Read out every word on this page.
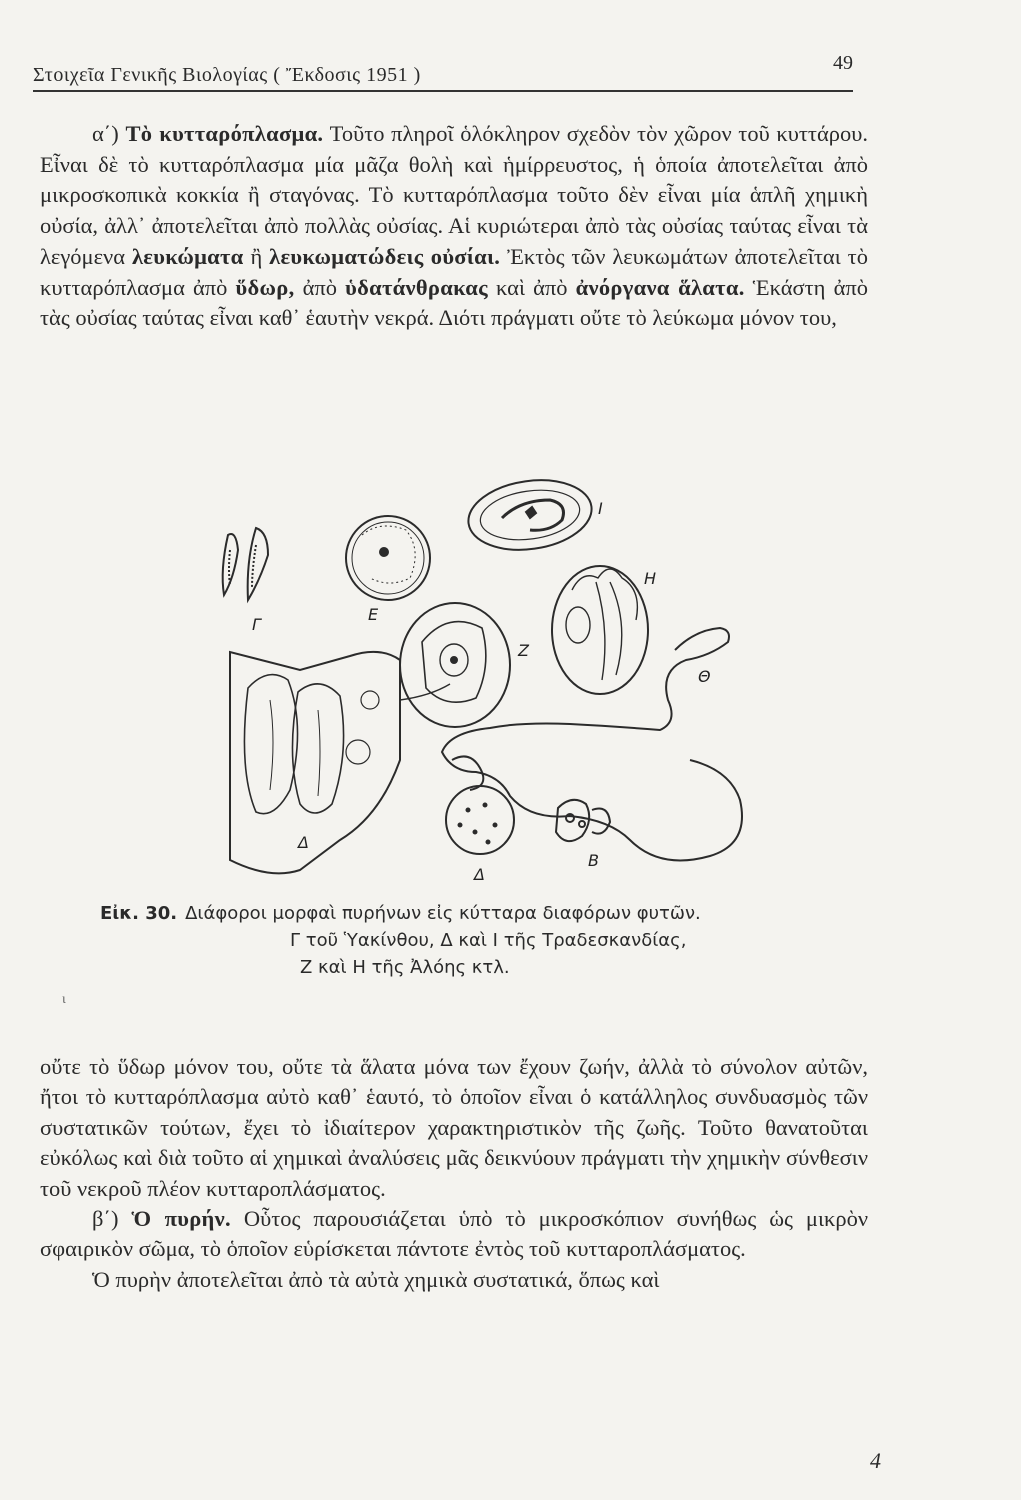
Στοιχεῖα Γενικῆς Βιολογίας ( Ἔκδοσις 1951 )
49

α΄) Τὸ κυτταρόπλασμα. Τοῦτο πληροῖ ὁλόκληρον σχεδὸν τὸν χῶρον τοῦ κυττάρου. Εἶναι δὲ τὸ κυτταρόπλασμα μία μᾶζα θολὴ καὶ ἡμίρρευστος, ἡ ὁποία ἀποτελεῖται ἀπὸ μικροσκοπικὰ κοκκία ἢ σταγόνας. Τὸ κυτταρόπλασμα τοῦτο δὲν εἶναι μία ἁπλῆ χημικὴ οὐσία, ἀλλ᾽ ἀποτελεῖται ἀπὸ πολλὰς οὐσίας. Αἱ κυριώτεραι ἀπὸ τὰς οὐσίας ταύτας εἶναι τὰ λεγόμενα λευκώματα ἢ λευκωματώδεις οὐσίαι. Ἐκτὸς τῶν λευκωμάτων ἀποτελεῖται τὸ κυτταρόπλασμα ἀπὸ ὕδωρ, ἀπὸ ὑδατάνθρακας καὶ ἀπὸ ἀνόργανα ἅλατα. Ἑκάστη ἀπὸ τὰς οὐσίας ταύτας εἶναι καθ᾽ ἑαυτὴν νεκρά. Διότι πράγματι οὔτε τὸ λεύκωμα μόνον του,

I
E
H
Γ
Z
Θ
Δ
Δ
B
Εἰκ. 30. Διάφοροι μορφαὶ πυρήνων εἰς κύτταρα διαφόρων φυτῶν.
Γ τοῦ Ὑακίνθου, Δ καὶ Ι τῆς Τραδεσκανδίας,
Ζ καὶ Η τῆς Ἀλόης κτλ.
ι

οὔτε τὸ ὕδωρ μόνον του, οὔτε τὰ ἅλατα μόνα των ἔχουν ζωήν, ἀλλὰ τὸ σύνολον αὐτῶν, ἤτοι τὸ κυτταρόπλασμα αὐτὸ καθ᾽ ἑαυτό, τὸ ὁποῖον εἶναι ὁ κατάλληλος συνδυασμὸς τῶν συστατικῶν τούτων, ἔχει τὸ ἰδιαίτερον χαρακτηριστικὸν τῆς ζωῆς. Τοῦτο θανατοῦται εὐκόλως καὶ διὰ τοῦτο αἱ χημικαὶ ἀναλύσεις μᾶς δεικνύουν πράγματι τὴν χημικὴν σύνθεσιν τοῦ νεκροῦ πλέον κυτταροπλάσματος.

β΄) Ὁ πυρήν. Οὗτος παρουσιάζεται ὑπὸ τὸ μικροσκόπιον συνήθως ὡς μικρὸν σφαιρικὸν σῶμα, τὸ ὁποῖον εὑρίσκεται πάντοτε ἐντὸς τοῦ κυτταροπλάσματος.

Ὁ πυρὴν ἀποτελεῖται ἀπὸ τὰ αὐτὰ χημικὰ συστατικά, ὅπως καὶ

4
